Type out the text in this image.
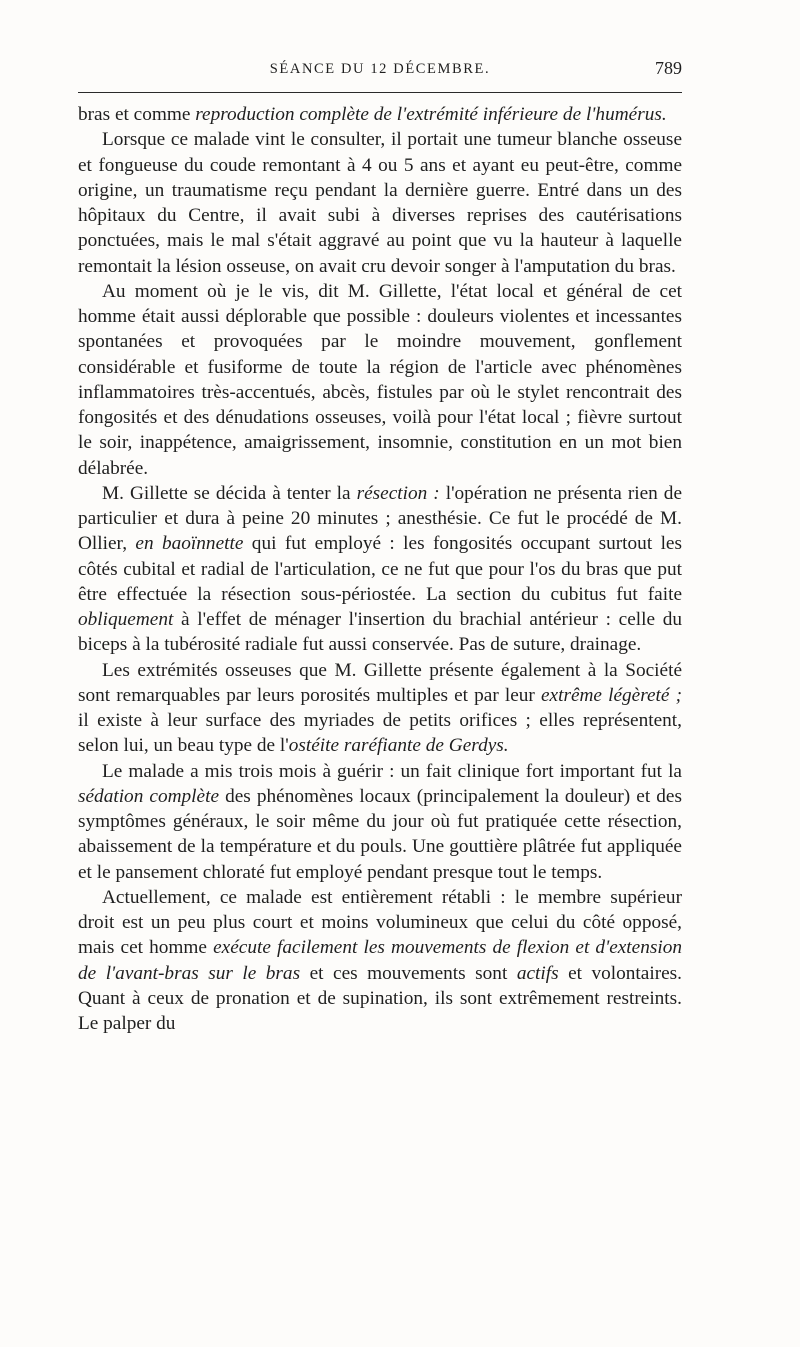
SÉANCE DU 12 DÉCEMBRE.	789

bras et comme reproduction complète de l'extrémité inférieure de l'humérus.

Lorsque ce malade vint le consulter, il portait une tumeur blanche osseuse et fongueuse du coude remontant à 4 ou 5 ans et ayant eu peut-être, comme origine, un traumatisme reçu pendant la dernière guerre. Entré dans un des hôpitaux du Centre, il avait subi à diverses reprises des cautérisations ponctuées, mais le mal s'était aggravé au point que vu la hauteur à laquelle remontait la lésion osseuse, on avait cru devoir songer à l'amputation du bras.

Au moment où je le vis, dit M. Gillette, l'état local et général de cet homme était aussi déplorable que possible : douleurs violentes et incessantes spontanées et provoquées par le moindre mouvement, gonflement considérable et fusiforme de toute la région de l'article avec phénomènes inflammatoires très-accentués, abcès, fistules par où le stylet rencontrait des fongosités et des dénudations osseuses, voilà pour l'état local ; fièvre surtout le soir, inappétence, amaigrissement, insomnie, constitution en un mot bien délabrée.

M. Gillette se décida à tenter la résection : l'opération ne présenta rien de particulier et dura à peine 20 minutes ; anesthésie. Ce fut le procédé de M. Ollier, en baoïnnette qui fut employé : les fongosités occupant surtout les côtés cubital et radial de l'articulation, ce ne fut que pour l'os du bras que put être effectuée la résection sous-périostée. La section du cubitus fut faite obliquement à l'effet de ménager l'insertion du brachial antérieur : celle du biceps à la tubérosité radiale fut aussi conservée. Pas de suture, drainage.

Les extrémités osseuses que M. Gillette présente également à la Société sont remarquables par leurs porosités multiples et par leur extrême légèreté ; il existe à leur surface des myriades de petits orifices ; elles représentent, selon lui, un beau type de l'ostéite raréfiante de Gerdys.

Le malade a mis trois mois à guérir : un fait clinique fort important fut la sédation complète des phénomènes locaux (principalement la douleur) et des symptômes généraux, le soir même du jour où fut pratiquée cette résection, abaissement de la température et du pouls. Une gouttière plâtrée fut appliquée et le pansement chloraté fut employé pendant presque tout le temps.

Actuellement, ce malade est entièrement rétabli : le membre supérieur droit est un peu plus court et moins volumineux que celui du côté opposé, mais cet homme exécute facilement les mouvements de flexion et d'extension de l'avant-bras sur le bras et ces mouvements sont actifs et volontaires. Quant à ceux de pronation et de supination, ils sont extrêmement restreints. Le palper du
